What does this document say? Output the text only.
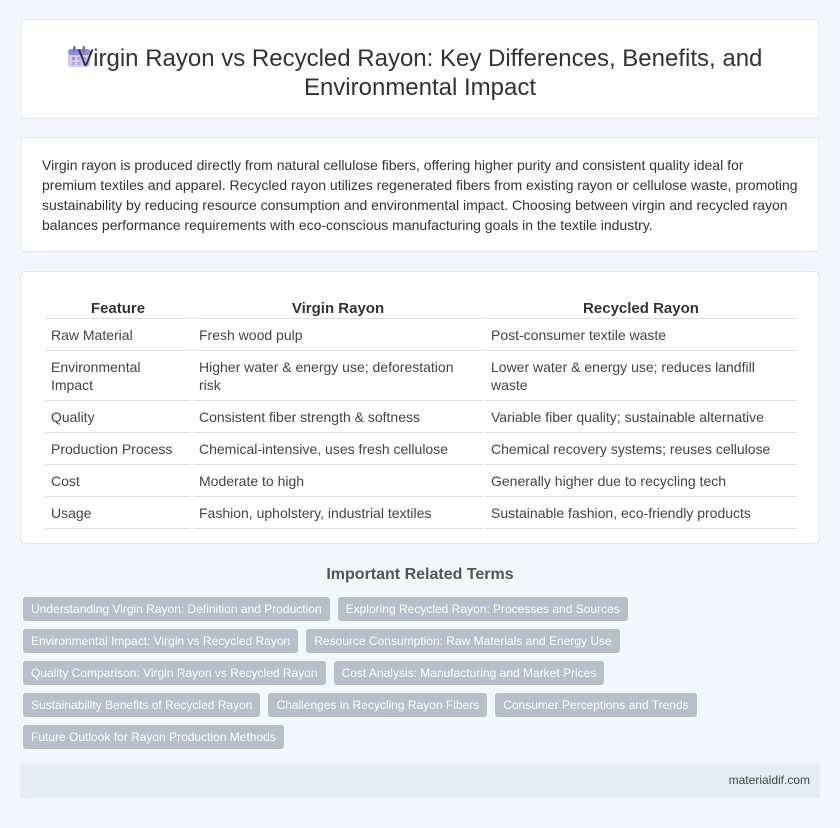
Virgin Rayon vs Recycled Rayon: Key Differences, Benefits, and Environmental Impact

Virgin rayon is produced directly from natural cellulose fibers, offering higher purity and consistent quality ideal for premium textiles and apparel. Recycled rayon utilizes regenerated fibers from existing rayon or cellulose waste, promoting sustainability by reducing resource consumption and environmental impact. Choosing between virgin and recycled rayon balances performance requirements with eco-conscious manufacturing goals in the textile industry.

Feature	Virgin Rayon	Recycled Rayon
Raw Material	Fresh wood pulp	Post-consumer textile waste
Environmental Impact	Higher water & energy use; deforestation risk	Lower water & energy use; reduces landfill waste
Quality	Consistent fiber strength & softness	Variable fiber quality; sustainable alternative
Production Process	Chemical-intensive, uses fresh cellulose	Chemical recovery systems; reuses cellulose
Cost	Moderate to high	Generally higher due to recycling tech
Usage	Fashion, upholstery, industrial textiles	Sustainable fashion, eco-friendly products
Important Related Terms
Understanding Virgin Rayon: Definition and Production	Exploring Recycled Rayon: Processes and Sources
Environmental Impact: Virgin vs Recycled Rayon	Resource Consumption: Raw Materials and Energy Use
Quality Comparison: Virgin Rayon vs Recycled Rayon	Cost Analysis: Manufacturing and Market Prices
Sustainability Benefits of Recycled Rayon	Challenges in Recycling Rayon Fibers	Consumer Perceptions and Trends
Future Outlook for Rayon Production Methods
materialdif.com
